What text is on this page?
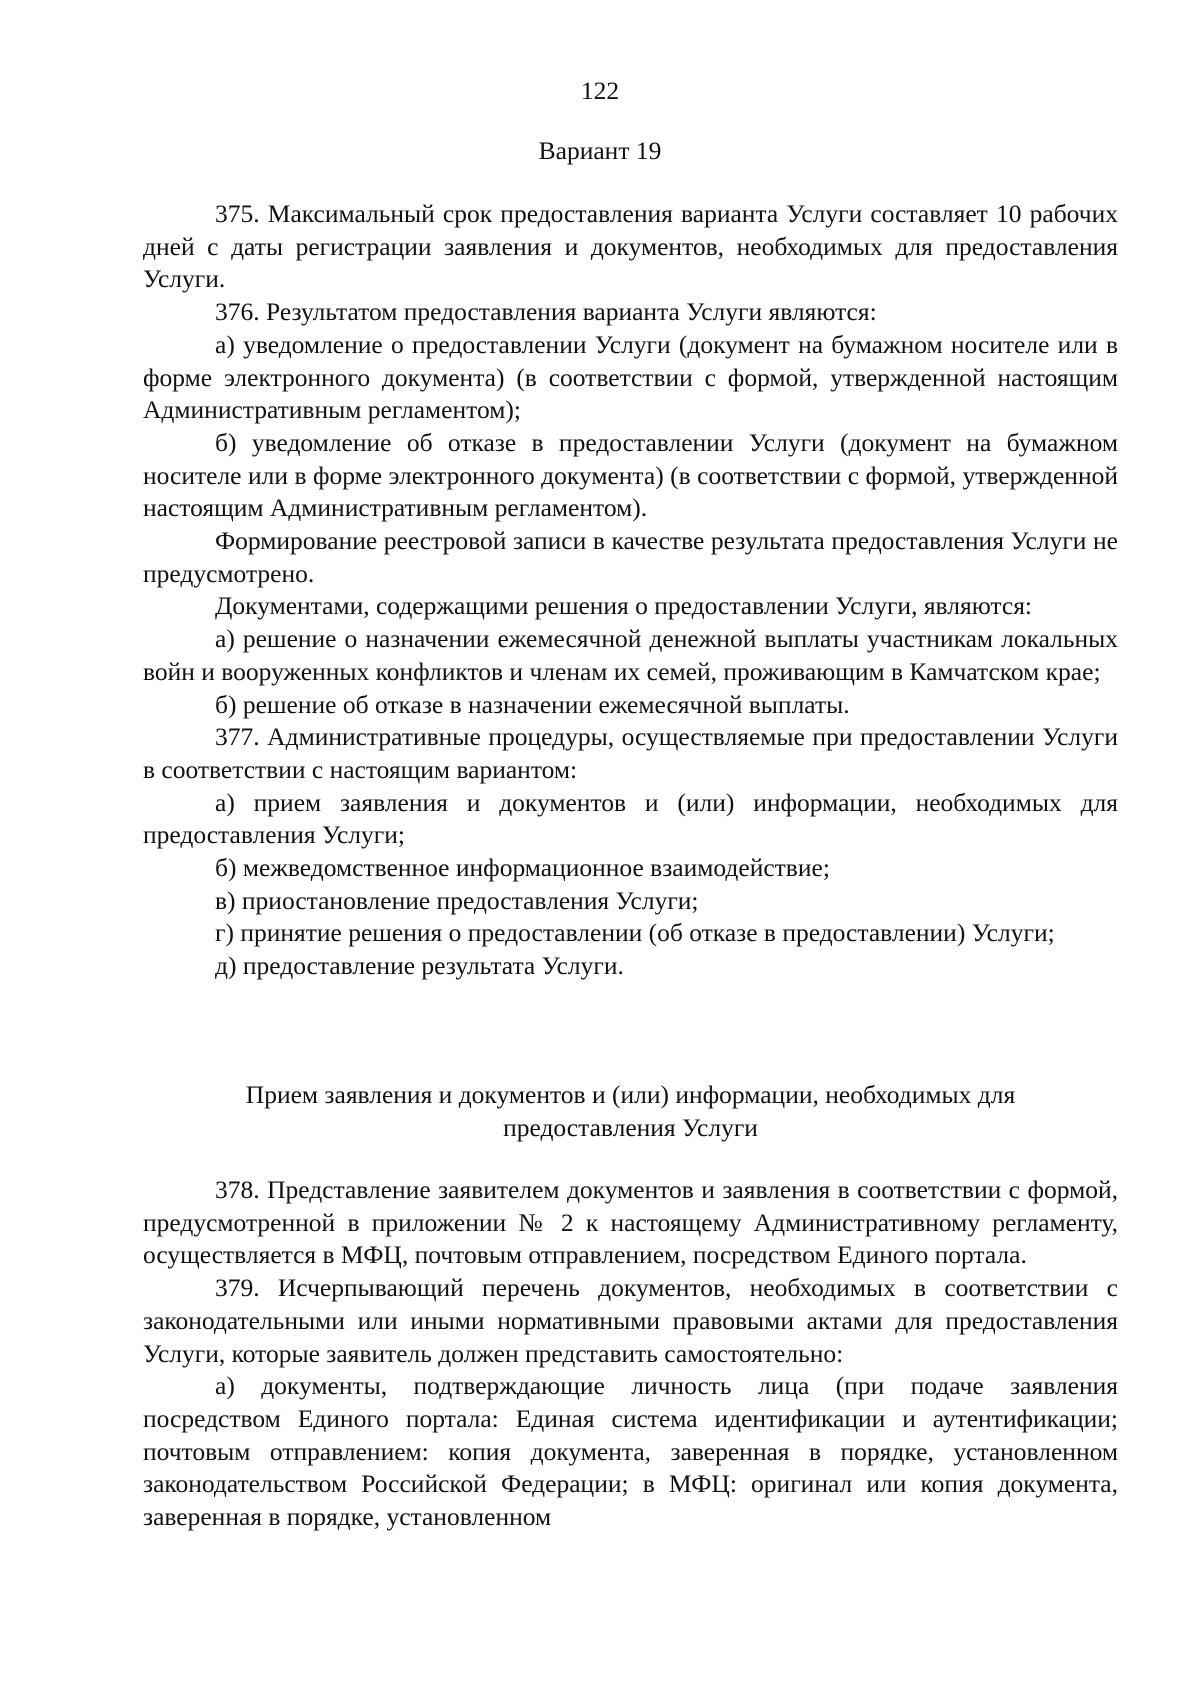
122
Вариант 19

375. Максимальный срок предоставления варианта Услуги составляет 10 рабочих дней с даты регистрации заявления и документов, необходимых для предоставления Услуги.

376. Результатом предоставления варианта Услуги являются:

а) уведомление о предоставлении Услуги (документ на бумажном носителе или в форме электронного документа) (в соответствии с формой, утвержденной настоящим Административным регламентом);

б) уведомление об отказе в предоставлении Услуги (документ на бумажном носителе или в форме электронного документа) (в соответствии с формой, утвержденной настоящим Административным регламентом).

Формирование реестровой записи в качестве результата предоставления Услуги не предусмотрено.

Документами, содержащими решения о предоставлении Услуги, являются:

а) решение о назначении ежемесячной денежной выплаты участникам локальных войн и вооруженных конфликтов и членам их семей, проживающим в Камчатском крае;

б) решение об отказе в назначении ежемесячной выплаты.

377. Административные процедуры, осуществляемые при предоставлении Услуги в соответствии с настоящим вариантом:

а) прием заявления и документов и (или) информации, необходимых для предоставления Услуги;

б) межведомственное информационное взаимодействие;

в) приостановление предоставления Услуги;

г) принятие решения о предоставлении (об отказе в предоставлении) Услуги;

д) предоставление результата Услуги.

Прием заявления и документов и (или) информации, необходимых для
предоставления Услуги

378. Представление заявителем документов и заявления в соответствии с формой, предусмотренной в приложении № 2 к настоящему Административному регламенту, осуществляется в МФЦ, почтовым отправлением, посредством Единого портала.

379. Исчерпывающий перечень документов, необходимых в соответствии с законодательными или иными нормативными правовыми актами для предоставления Услуги, которые заявитель должен представить самостоятельно:

а) документы, подтверждающие личность лица (при подаче заявления посредством Единого портала: Единая система идентификации и аутентификации; почтовым отправлением: копия документа, заверенная в порядке, установленном законодательством Российской Федерации; в МФЦ: оригинал или копия документа, заверенная в порядке, установленном
